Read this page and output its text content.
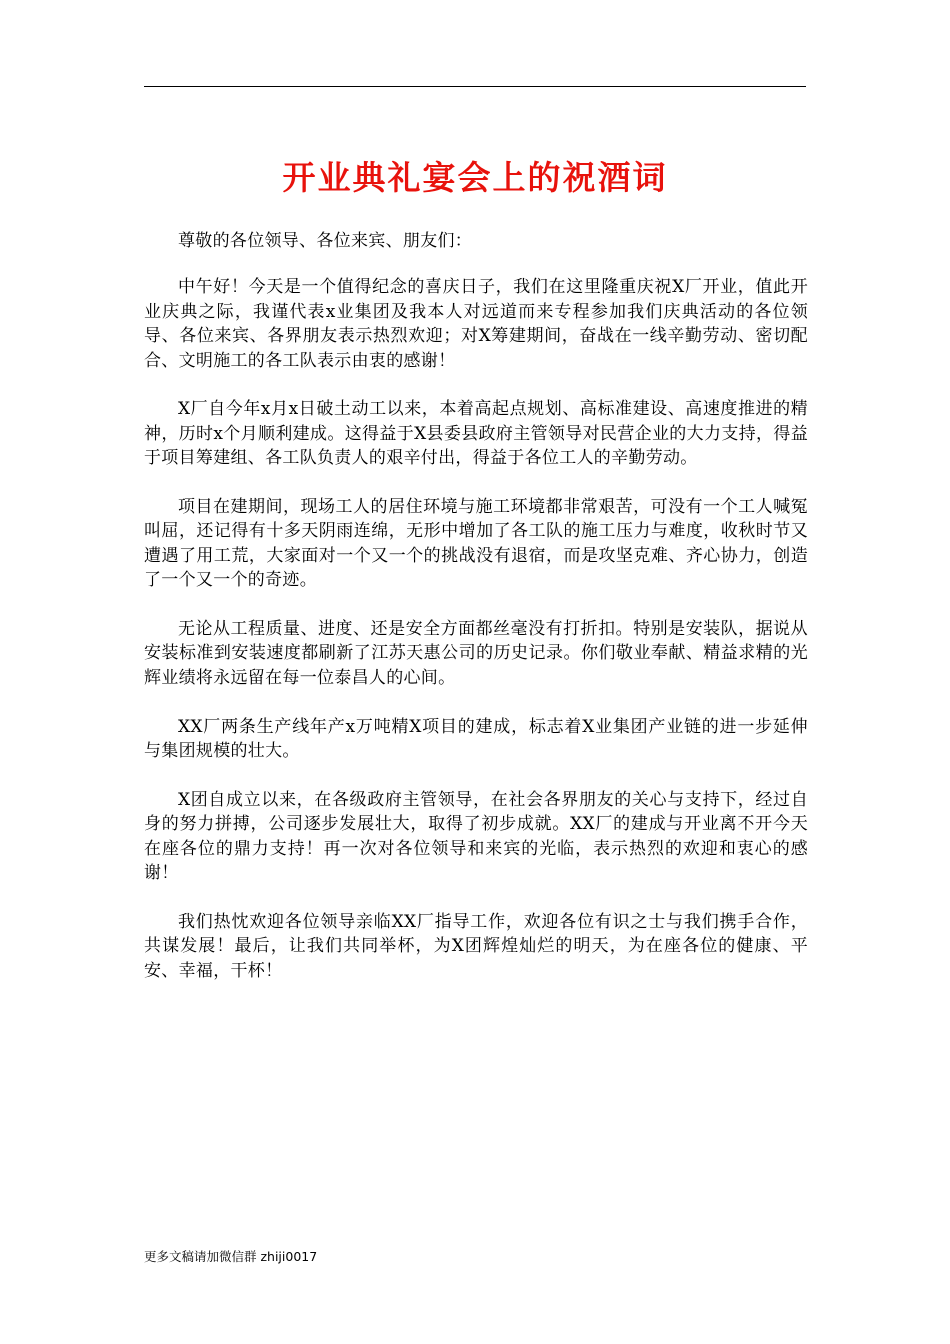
开业典礼宴会上的祝酒词

尊敬的各位领导、各位来宾、朋友们：

中午好！今天是一个值得纪念的喜庆日子，我们在这里隆重庆祝X厂开业，值此开业庆典之际，我谨代表x业集团及我本人对远道而来专程参加我们庆典活动的各位领导、各位来宾、各界朋友表示热烈欢迎；对X筹建期间，奋战在一线辛勤劳动、密切配合、文明施工的各工队表示由衷的感谢！

X厂自今年x月x日破土动工以来，本着高起点规划、高标准建设、高速度推进的精神，历时x个月顺利建成。这得益于X县委县政府主管领导对民营企业的大力支持，得益于项目筹建组、各工队负责人的艰辛付出，得益于各位工人的辛勤劳动。

项目在建期间，现场工人的居住环境与施工环境都非常艰苦，可没有一个工人喊冤叫屈，还记得有十多天阴雨连绵，无形中增加了各工队的施工压力与难度，收秋时节又遭遇了用工荒，大家面对一个又一个的挑战没有退宿，而是攻坚克难、齐心协力，创造了一个又一个的奇迹。

无论从工程质量、进度、还是安全方面都丝毫没有打折扣。特别是安装队，据说从安装标准到安装速度都刷新了江苏天惠公司的历史记录。你们敬业奉献、精益求精的光辉业绩将永远留在每一位泰昌人的心间。

XX厂两条生产线年产x万吨精X项目的建成，标志着X业集团产业链的进一步延伸与集团规模的壮大。

X团自成立以来，在各级政府主管领导，在社会各界朋友的关心与支持下，经过自身的努力拼搏，公司逐步发展壮大，取得了初步成就。XX厂的建成与开业离不开今天在座各位的鼎力支持！再一次对各位领导和来宾的光临，表示热烈的欢迎和衷心的感谢！

我们热忱欢迎各位领导亲临XX厂指导工作，欢迎各位有识之士与我们携手合作，共谋发展！最后，让我们共同举杯，为X团辉煌灿烂的明天，为在座各位的健康、平安、幸福，干杯！

更多文稿请加微信群 zhiji0017
